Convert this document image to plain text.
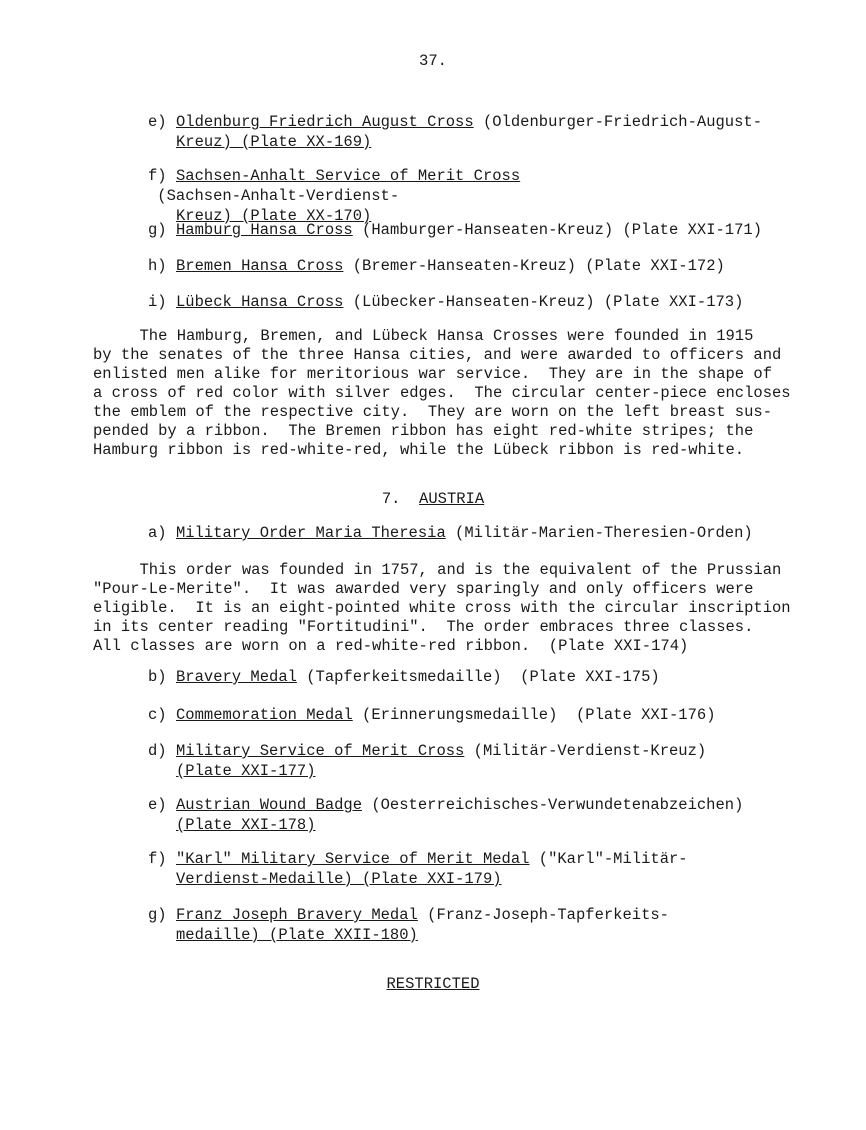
37.
e) Oldenburg Friedrich August Cross (Oldenburger-Friedrich-August-
Kreuz) (Plate XX-169)
f) Sachsen-Anhalt Service of Merit Cross (Sachsen-Anhalt-Verdienst-
Kreuz) (Plate XX-170)
g) Hamburg Hansa Cross (Hamburger-Hanseaten-Kreuz) (Plate XXI-171)
h) Bremen Hansa Cross (Bremer-Hanseaten-Kreuz) (Plate XXI-172)
i) Lübeck Hansa Cross (Lübecker-Hanseaten-Kreuz) (Plate XXI-173)
The Hamburg, Bremen, and Lübeck Hansa Crosses were founded in 1915
by the senates of the three Hansa cities, and were awarded to officers and
enlisted men alike for meritorious war service.  They are in the shape of
a cross of red color with silver edges.  The circular center-piece encloses
the emblem of the respective city.  They are worn on the left breast sus-
pended by a ribbon.  The Bremen ribbon has eight red-white stripes; the
Hamburg ribbon is red-white-red, while the Lübeck ribbon is red-white.
7. AUSTRIA
a) Military Order Maria Theresia (Militär-Marien-Theresien-Orden)
This order was founded in 1757, and is the equivalent of the Prussian
"Pour-Le-Merite".  It was awarded very sparingly and only officers were
eligible.  It is an eight-pointed white cross with the circular inscription
in its center reading "Fortitudini".  The order embraces three classes.
All classes are worn on a red-white-red ribbon.  (Plate XXI-174)
b) Bravery Medal (Tapferkeitsmedaille)  (Plate XXI-175)
c) Commemoration Medal (Erinnerungsmedaille)  (Plate XXI-176)
d) Military Service of Merit Cross (Militär-Verdienst-Kreuz)
(Plate XXI-177)
e) Austrian Wound Badge (Oesterreichisches-Verwundetenabzeichen)
(Plate XXI-178)
f) "Karl" Military Service of Merit Medal ("Karl"-Militär-
Verdienst-Medaille) (Plate XXI-179)
g) Franz Joseph Bravery Medal (Franz-Joseph-Tapferkeits-
medaille) (Plate XXII-180)
RESTRICTED
